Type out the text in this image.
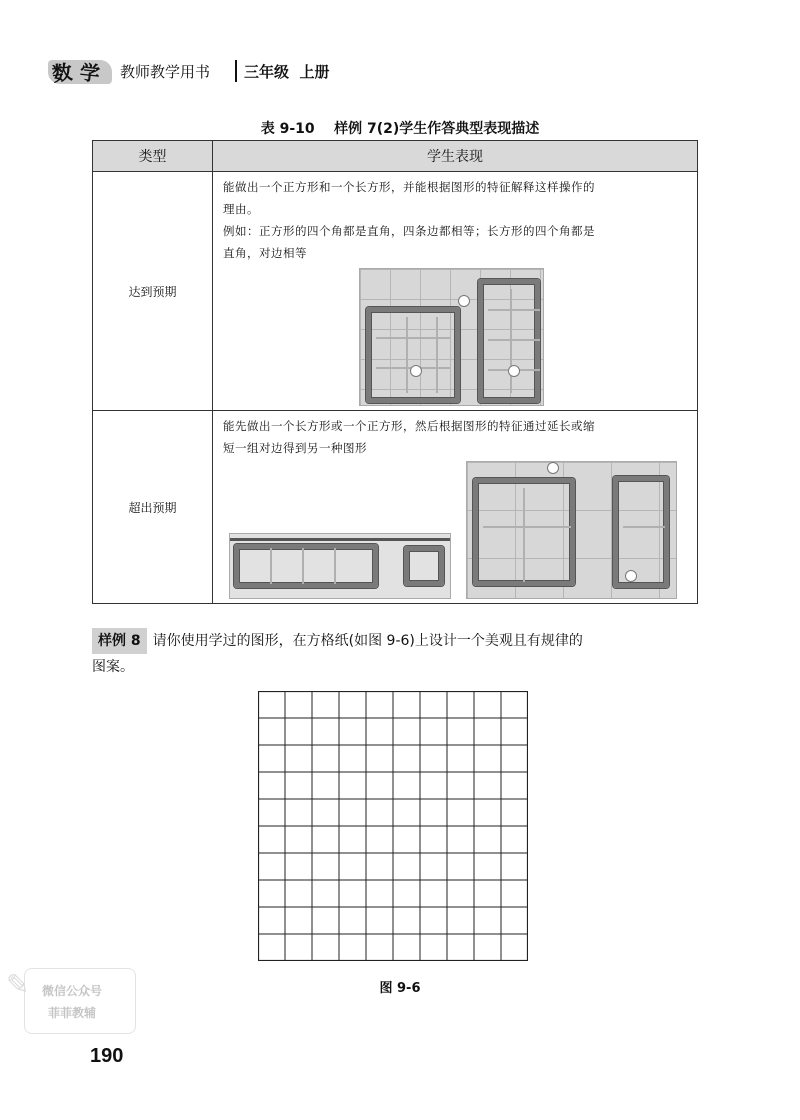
数 学 教师教学用书 三年级  上册
表 9-10    样例 7(2)学生作答典型表现描述
类型	学生表现
达到预期
能做出一个正方形和一个长方形，并能根据图形的特征解释这样操作的
理由。
例如：正方形的四个角都是直角，四条边都相等；长方形的四个角都是
直角，对边相等
超出预期
能先做出一个长方形或一个正方形，然后根据图形的特征通过延长或缩
短一组对边得到另一种图形
样例 8 请你使用学过的图形，在方格纸(如图 9-6)上设计一个美观且有规律的
图案。
图 9-6
✎	微信公众号
菲菲教辅
190
